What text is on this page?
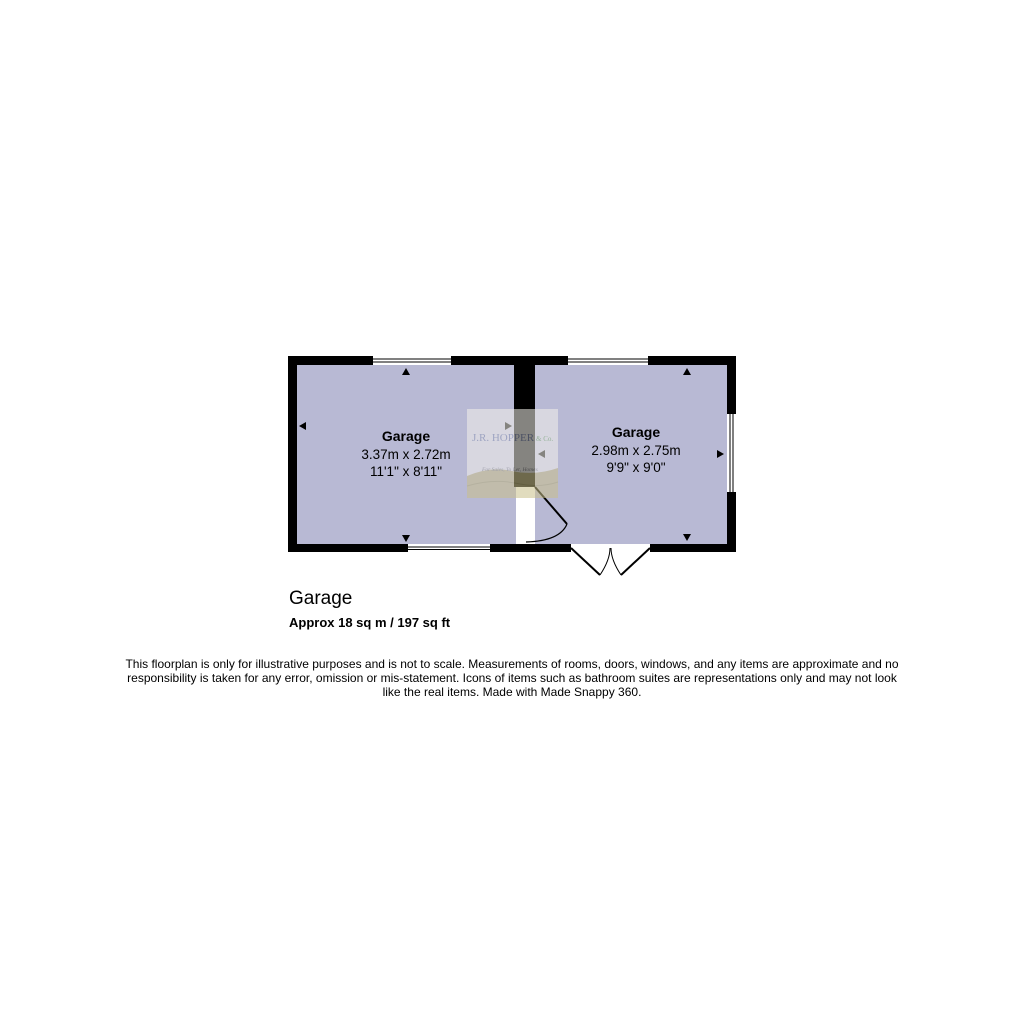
J.R. HOPPER & Co.
For Sales, To Let, Homes
Garage
3.37m x 2.72m
11'1" x 8'11"
Garage
2.98m x 2.75m
9'9" x 9'0"
Garage

Approx 18 sq m / 197 sq ft

This floorplan is only for illustrative purposes and is not to scale. Measurements of rooms, doors, windows, and any items are approximate and no responsibility is taken for any error, omission or mis-statement. Icons of items such as bathroom suites are representations only and may not look like the real items. Made with Made Snappy 360.
